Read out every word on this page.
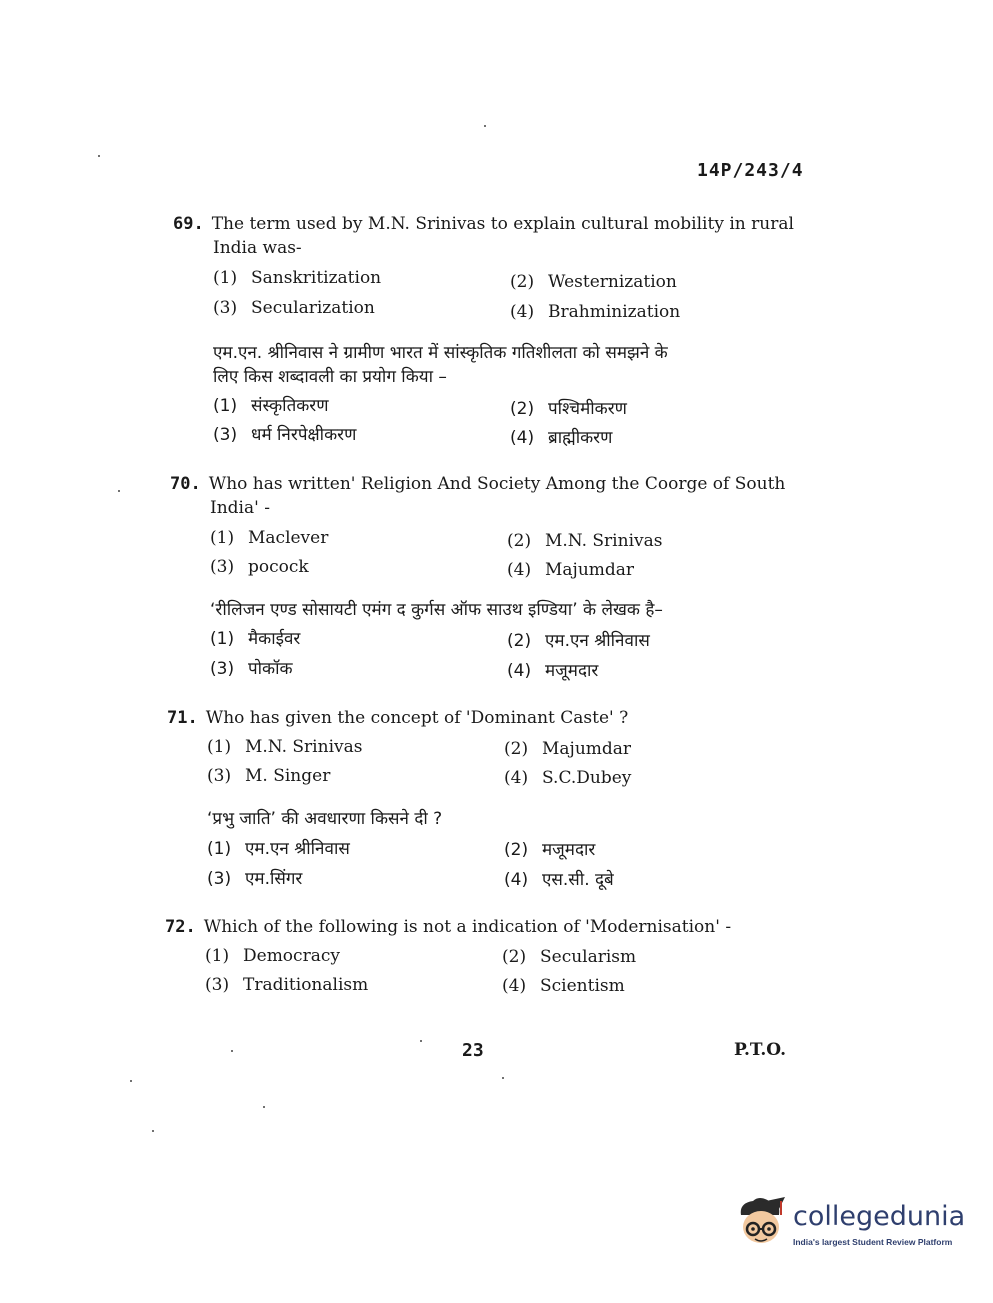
14P/243/4
69. The term used by M.N. Srinivas to explain cultural mobility in rural
India was-
(1) Sanskritization	(2) Westernization
(3) Secularization	(4) Brahminization
एम.एन. श्रीनिवास ने ग्रामीण भारत में सांस्कृतिक गतिशीलता को समझने के
लिए किस शब्दावली का प्रयोग किया –
(1) संस्कृतिकरण	(2) पश्चिमीकरण
(3) धर्म निरपेक्षीकरण	(4) ब्राह्मीकरण
70. Who has written' Religion And Society Among the Coorge of South
India' -
(1) Maclever	(2) M.N. Srinivas
(3) pocock	(4) Majumdar
‘रीलिजन एण्ड सोसायटी एमंग द कुर्गस ऑफ साउथ इण्डिया’ के लेखक है–
(1) मैकाईवर	(2) एम.एन श्रीनिवास
(3) पोकॉक	(4) मजूमदार
71. Who has given the concept of 'Dominant Caste' ?
(1) M.N. Srinivas	(2) Majumdar
(3) M. Singer	(4) S.C.Dubey
‘प्रभु जाति’ की अवधारणा किसने दी ?
(1) एम.एन श्रीनिवास	(2) मजूमदार
(3) एम.सिंगर	(4) एस.सी. दूबे
72. Which of the following is not a indication of 'Modernisation' -
(1) Democracy	(2) Secularism
(3) Traditionalism	(4) Scientism
23	P.T.O.
collegedunia
India's largest Student Review Platform
